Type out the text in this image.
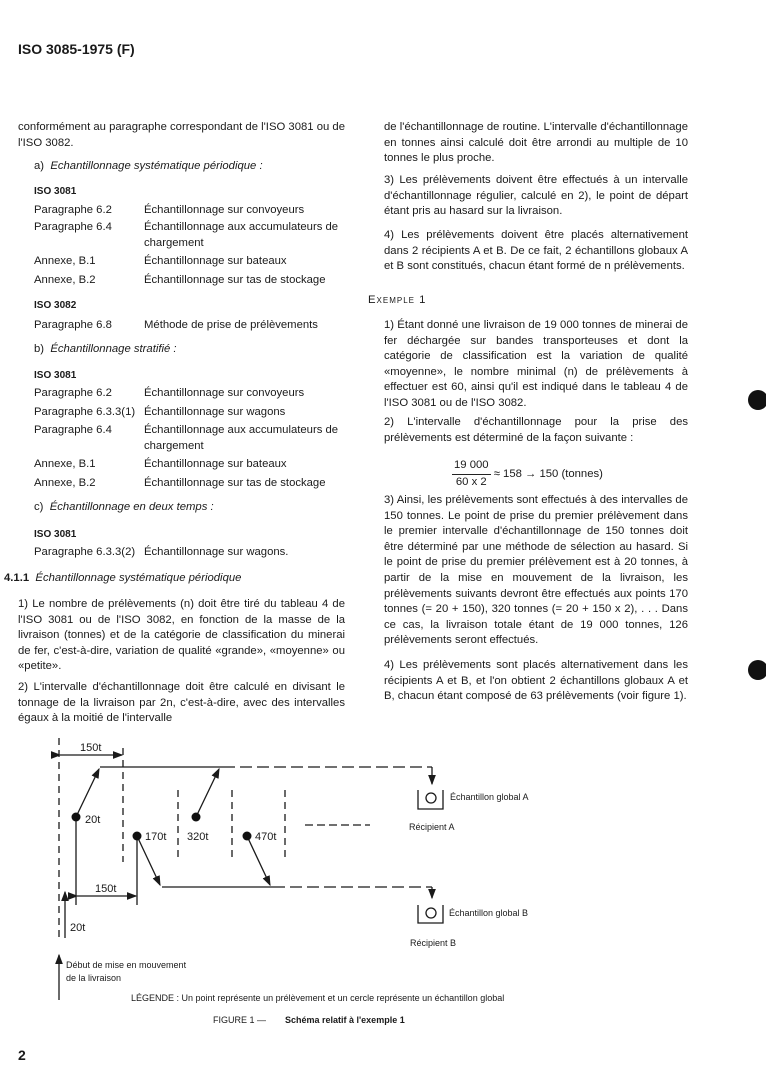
ISO 3085-1975 (F)
conformément au paragraphe correspondant de l'ISO 3081 ou de l'ISO 3082.
a) Echantillonnage systématique périodique :
ISO 3081
Paragraphe 6.2	Échantillonnage sur convoyeurs
Paragraphe 6.4	Échantillonnage aux accumulateurs de chargement
Annexe, B.1	Échantillonnage sur bateaux
Annexe, B.2	Échantillonnage sur tas de stockage
ISO 3082
Paragraphe 6.8	Méthode de prise de prélèvements
b) Échantillonnage stratifié :
ISO 3081
Paragraphe 6.2	Échantillonnage sur convoyeurs
Paragraphe 6.3.3(1) Échantillonnage sur wagons
Paragraphe 6.4	Échantillonnage aux accumulateurs de chargement
Annexe, B.1	Échantillonnage sur bateaux
Annexe, B.2	Échantillonnage sur tas de stockage
c) Échantillonnage en deux temps :
ISO 3081
Paragraphe 6.3.3(2) Échantillonnage sur wagons.
4.1.1 Échantillonnage systématique périodique
1) Le nombre de prélèvements (n) doit être tiré du tableau 4 de l'ISO 3081 ou de l'ISO 3082, en fonction de la masse de la livraison (tonnes) et de la catégorie de classification du minerai de fer, c'est-à-dire, variation de qualité «grande», «moyenne» ou «petite».
2) L'intervalle d'échantillonnage doit être calculé en divisant le tonnage de la livraison par 2n, c'est-à-dire, avec des intervalles égaux à la moitié de l'intervalle
de l'échantillonnage de routine. L'intervalle d'échantillonnage en tonnes ainsi calculé doit être arrondi au multiple de 10 tonnes le plus proche.
3) Les prélèvements doivent être effectués à un intervalle d'échantillonnage régulier, calculé en 2), le point de départ étant pris au hasard sur la livraison.
4) Les prélèvements doivent être placés alternativement dans 2 récipients A et B. De ce fait, 2 échantillons globaux A et B sont constitués, chacun étant formé de n prélèvements.
Exemple 1
1) Étant donné une livraison de 19 000 tonnes de minerai de fer déchargée sur bandes transporteuses et dont la catégorie de classification est la variation de qualité «moyenne», le nombre minimal (n) de prélèvements à effectuer est 60, ainsi qu'il est indiqué dans le tableau 4 de l'ISO 3081 ou de l'ISO 3082.
2) L'intervalle d'échantillonnage pour la prise des prélèvements est déterminé de la façon suivante :
$\frac{19 000}{60 x 2} \approx 158 \to 150$ (tonnes)
3) Ainsi, les prélèvements sont effectués à des intervalles de 150 tonnes. Le point de prise du premier prélèvement dans le premier intervalle d'échantillonnage de 150 tonnes doit être déterminé par une méthode de sélection au hasard. Si le point de prise du premier prélèvement est à 20 tonnes, à partir de la mise en mouvement de la livraison, les prélèvements suivants devront être effectués aux points 170 tonnes (= 20 + 150), 320 tonnes (= 20 + 150 x 2), . . . Dans ce cas, la livraison totale étant de 19 000 tonnes, 126 prélèvements seront effectués.
4) Les prélèvements sont placés alternativement dans les récipients A et B, et l'on obtient 2 échantillons globaux A et B, chacun étant composé de 63 prélèvements (voir figure 1).
150t
20t
170t 320t	470t
150t
20t
Échantillon global A
Récipient A
Échantillon global B
Récipient B
Début de mise en mouvement
de la livraison
LÉGENDE : Un point représente un prélèvement et un cercle représente un échantillon global
FIGURE 1 — Schéma relatif à l'exemple 1
2
